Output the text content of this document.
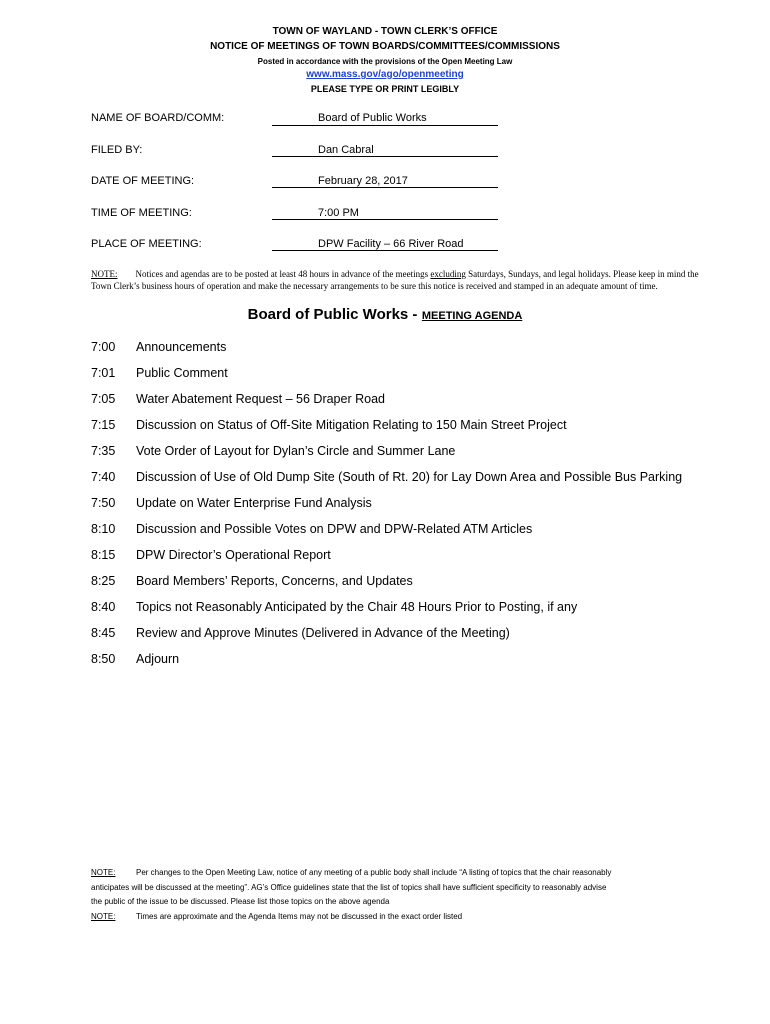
TOWN OF WAYLAND - TOWN CLERK’S OFFICE
NOTICE OF MEETINGS OF TOWN BOARDS/COMMITTEES/COMMISSIONS
Posted in accordance with the provisions of the Open Meeting Law
www.mass.gov/ago/openmeeting
PLEASE TYPE OR PRINT LEGIBLY
NAME OF BOARD/COMM:	Board of Public Works
FILED BY:	Dan Cabral
DATE OF MEETING:	February 28, 2017
TIME OF MEETING:	7:00 PM
PLACE OF MEETING:	DPW Facility – 66 River Road
NOTE: Notices and agendas are to be posted at least 48 hours in advance of the meetings excluding Saturdays, Sundays, and legal holidays. Please keep in mind the Town Clerk’s business hours of operation and make the necessary arrangements to be sure this notice is received and stamped in an adequate amount of time.
Board of Public Works - MEETING AGENDA
7:00 Announcements
7:01 Public Comment
7:05 Water Abatement Request – 56 Draper Road
7:15 Discussion on Status of Off-Site Mitigation Relating to 150 Main Street Project
7:35 Vote Order of Layout for Dylan’s Circle and Summer Lane
7:40 Discussion of Use of Old Dump Site (South of Rt. 20) for Lay Down Area and Possible Bus Parking
7:50 Update on Water Enterprise Fund Analysis
8:10 Discussion and Possible Votes on DPW and DPW-Related ATM Articles
8:15 DPW Director’s Operational Report
8:25 Board Members’ Reports, Concerns, and Updates
8:40 Topics not Reasonably Anticipated by the Chair 48 Hours Prior to Posting, if any
8:45 Review and Approve Minutes (Delivered in Advance of the Meeting)
8:50 Adjourn
NOTE:	Per changes to the Open Meeting Law, notice of any meeting of a public body shall include “A listing of topics that the chair reasonably
anticipates will be discussed at the meeting”. AG’s Office guidelines state that the list of topics shall have sufficient specificity to reasonably advise
the public of the issue to be discussed. Please list those topics on the above agenda
NOTE:	Times are approximate and the Agenda Items may not be discussed in the exact order listed
